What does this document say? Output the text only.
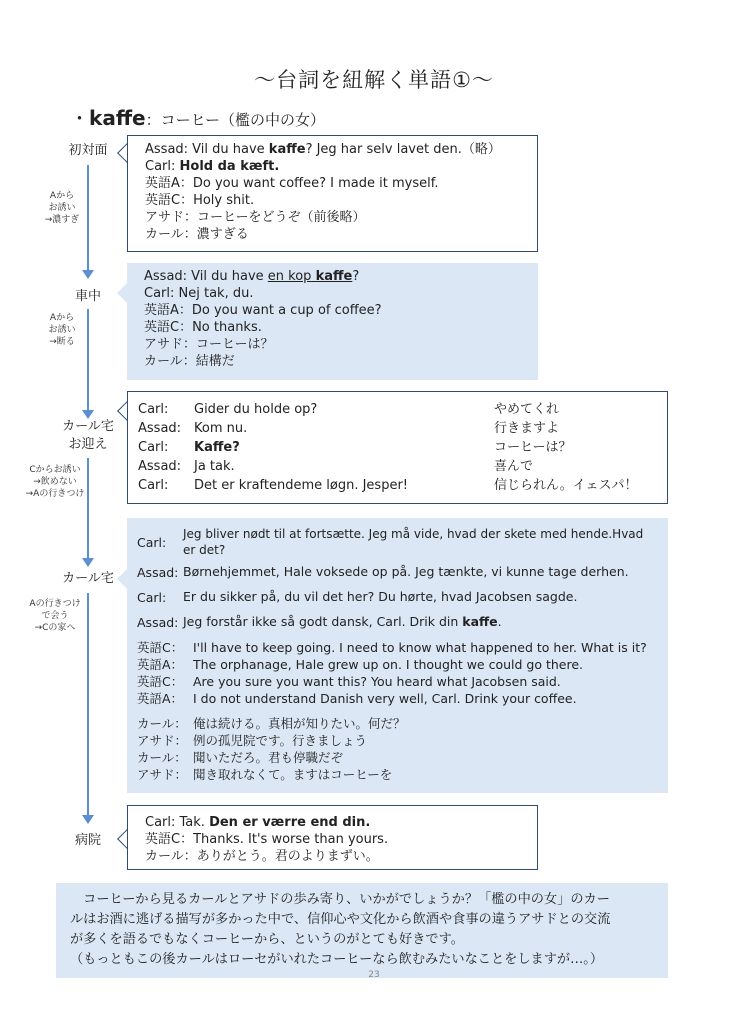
〜台詞を紐解く単語①〜
・kaffe：コーヒー（檻の中の女）
初対面
車中
カール宅
お迎え
カール宅
病院
Aから
お誘い
→濃すぎ
Aから
お誘い
→断る
Cからお誘い
→飲めない
→Aの行きつけ
Aの行きつけ
で会う
→Cの家へ
Assad: Vil du have kaffe? Jeg har selv lavet den.（略）
Carl: Hold da kæft.
英語A：Do you want coffee? I made it myself.
英語C：Holy shit.
アサド：コーヒーをどうぞ（前後略）
カール：濃すぎる
Assad: Vil du have en kop kaffe?
Carl: Nej tak, du.
英語A：Do you want a cup of coffee?
英語C：No thanks.
アサド：コーヒーは？
カール：結構だ
Carl:	Gider du holde op?	やめてくれ
Assad: Kom nu.	行きますよ
Carl:	Kaffe?	コーヒーは？
Assad: Ja tak.	喜んで
Carl:	Det er kraftendeme løgn. Jesper!	信じられん。イェスパ！
Carl:
Jeg bliver nødt til at fortsætte. Jeg må vide, hvad der skete med hende.Hvad er det?
Assad: Børnehjemmet, Hale voksede op på. Jeg tænkte, vi kunne tage derhen.
Carl:	Er du sikker på, du vil det her? Du hørte, hvad Jacobsen sagde.
Assad: Jeg forstår ikke så godt dansk, Carl. Drik din kaffe.
英語C： I'll have to keep going. I need to know what happened to her. What is it?
英語A： The orphanage, Hale grew up on. I thought we could go there.
英語C： Are you sure you want this? You heard what Jacobsen said.
英語A： I do not understand Danish very well, Carl. Drink your coffee.
カール： 俺は続ける。真相が知りたい。何だ？
アサド： 例の孤児院です。行きましょう
カール： 聞いただろ。君も停職だぞ
アサド： 聞き取れなくて。ますはコーヒーを
Carl: Tak. Den er værre end din.
英語C：Thanks. It's worse than yours.
カール：ありがとう。君のよりまずい。
　コーヒーから見るカールとアサドの歩み寄り、いかがでしょうか？「檻の中の女」のカー
ルはお酒に逃げる描写が多かった中で、信仰心や文化から飲酒や食事の違うアサドとの交流
が多くを語るでもなくコーヒーから、というのがとても好きです。
（もっともこの後カールはローセがいれたコーヒーなら飲むみたいなことをしますが…。）
23
